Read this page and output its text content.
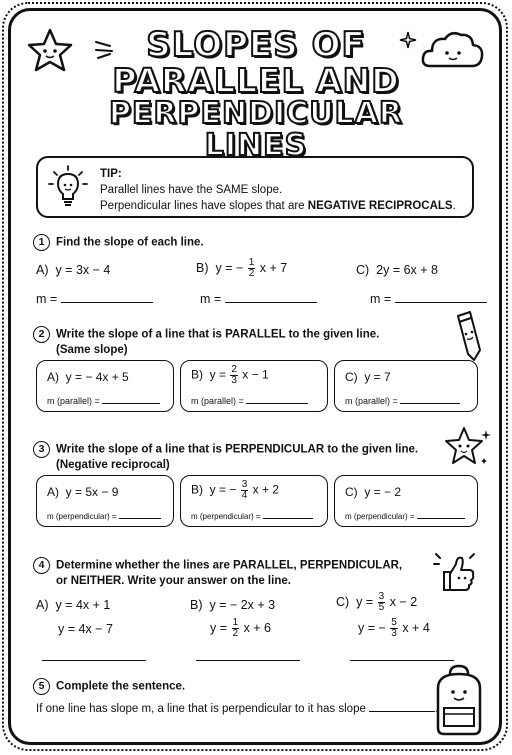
SLOPES OF
PARALLEL AND
PERPENDICULAR LINES
TIP:
Parallel lines have the SAME slope.
Perpendicular lines have slopes that are NEGATIVE RECIPROCALS.
1 Find the slope of each line.
A) y = 3x − 4	B) y = − $\frac{1}{2}$ x + 7	C) 2y = 6x + 8
m =	m =	m =
2 Write the slope of a line that is PARALLEL to the given line.
(Same slope)
A) y = − 4x + 5
m (parallel) =
B) $y = \frac{2}{3}$ x − 1
m (parallel) =
C) y = 7
m (parallel) =
3 Write the slope of a line that is PERPENDICULAR to the given line.
(Negative reciprocal)
A) y = 5x − 9
m (perpendicular) =
B) y = − $\frac{3}{4}$ x + 2
m (perpendicular) =
C) y = − 2
m (perpendicular) =
4 Determine whether the lines are PARALLEL, PERPENDICULAR,
or NEITHER. Write your answer on the line.
A) y = 4x + 1
y = 4x − 7
B) y = − 2x + 3
$y = \frac{1}{2}$ x + 6
C) $y = \frac{3}{5}$ x − 2
y = − $\frac{5}{3}$ x + 4
5 Complete the sentence.
If one line has slope m, a line that is perpendicular to it has slope	.
